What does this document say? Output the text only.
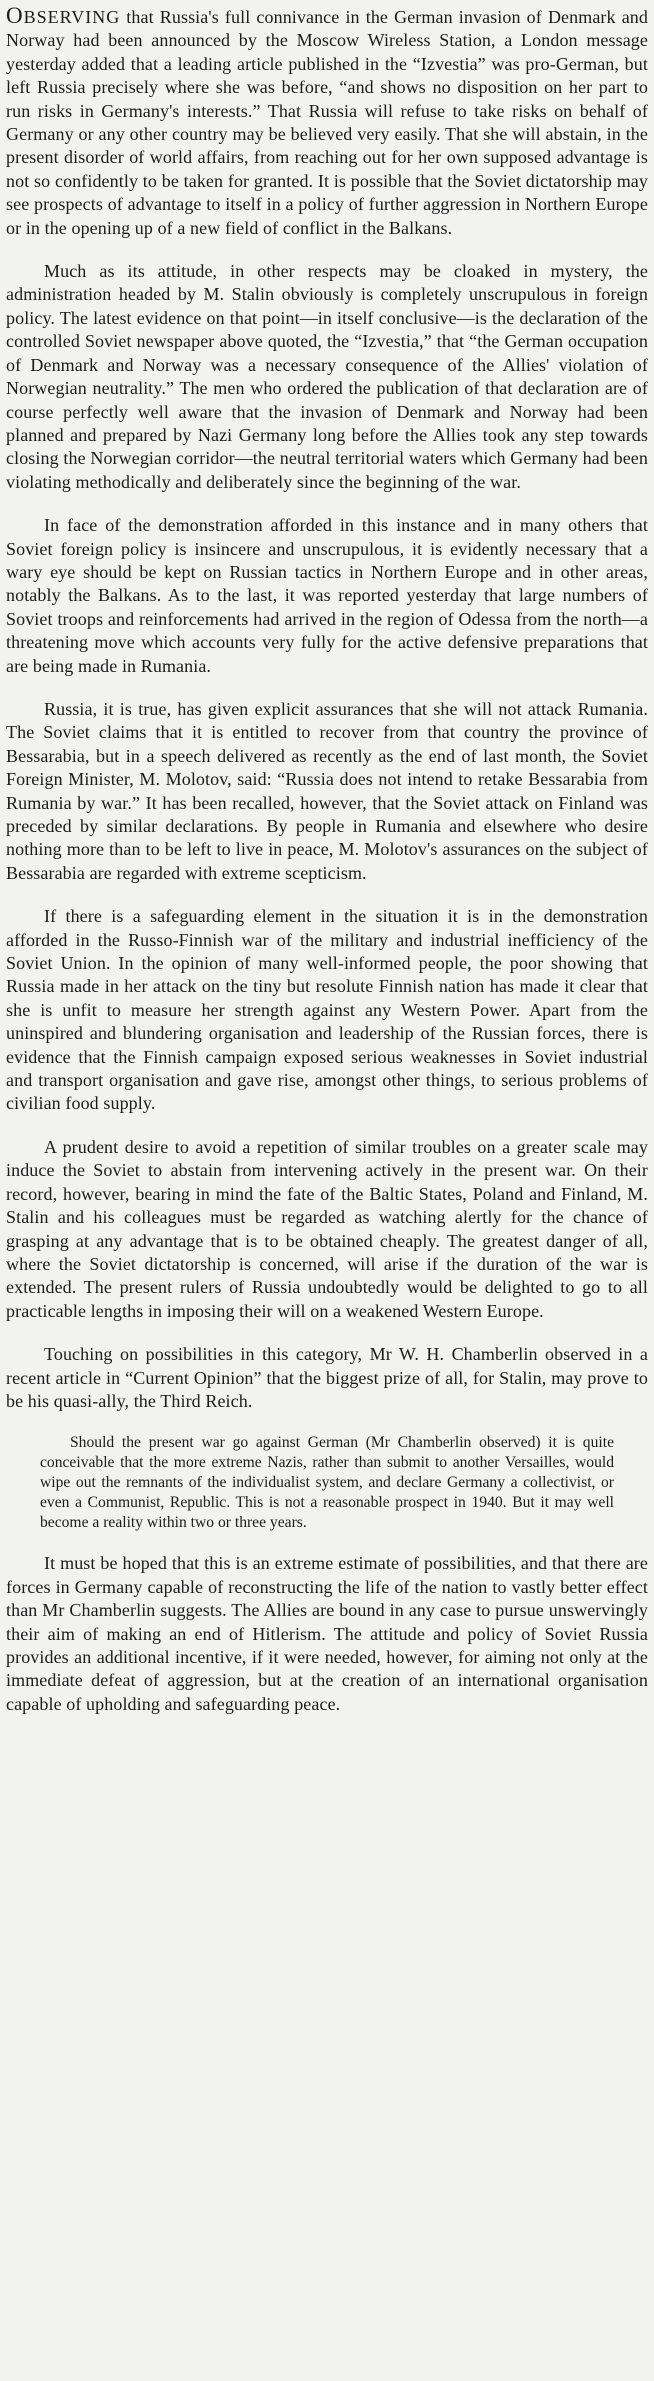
OBSERVING that Russia's full connivance in the German invasion of Denmark and Norway had been announced by the Moscow Wireless Station, a London message yesterday added that a leading article published in the “Izvestia” was pro-German, but left Russia precisely where she was before, “and shows no disposition on her part to run risks in Germany's interests.” That Russia will refuse to take risks on behalf of Germany or any other country may be believed very easily. That she will abstain, in the present disorder of world affairs, from reaching out for her own supposed advantage is not so confidently to be taken for granted. It is possible that the Soviet dictatorship may see prospects of advantage to itself in a policy of further aggression in Northern Europe or in the opening up of a new field of conflict in the Balkans.

Much as its attitude, in other respects may be cloaked in mystery, the administration headed by M. Stalin obviously is completely unscrupulous in foreign policy. The latest evidence on that point—in itself conclusive—is the declaration of the controlled Soviet newspaper above quoted, the “Izvestia,” that “the German occupation of Denmark and Norway was a necessary consequence of the Allies' violation of Norwegian neutrality.” The men who ordered the publication of that declaration are of course perfectly well aware that the invasion of Denmark and Norway had been planned and prepared by Nazi Germany long before the Allies took any step towards closing the Norwegian corridor—the neutral territorial waters which Germany had been violating methodically and deliberately since the beginning of the war.

In face of the demonstration afforded in this instance and in many others that Soviet foreign policy is insincere and unscrupulous, it is evidently necessary that a wary eye should be kept on Russian tactics in Northern Europe and in other areas, notably the Balkans. As to the last, it was reported yesterday that large numbers of Soviet troops and reinforcements had arrived in the region of Odessa from the north—a threatening move which accounts very fully for the active defensive preparations that are being made in Rumania.

Russia, it is true, has given explicit assurances that she will not attack Rumania. The Soviet claims that it is entitled to recover from that country the province of Bessarabia, but in a speech delivered as recently as the end of last month, the Soviet Foreign Minister, M. Molotov, said: “Russia does not intend to retake Bessarabia from Rumania by war.” It has been recalled, however, that the Soviet attack on Finland was preceded by similar declarations. By people in Rumania and elsewhere who desire nothing more than to be left to live in peace, M. Molotov's assurances on the subject of Bessarabia are regarded with extreme scepticism.

If there is a safeguarding element in the situation it is in the demonstration afforded in the Russo-Finnish war of the military and industrial inefficiency of the Soviet Union. In the opinion of many well-informed people, the poor showing that Russia made in her attack on the tiny but resolute Finnish nation has made it clear that she is unfit to measure her strength against any Western Power. Apart from the uninspired and blundering organisation and leadership of the Russian forces, there is evidence that the Finnish campaign exposed serious weaknesses in Soviet industrial and transport organisation and gave rise, amongst other things, to serious problems of civilian food supply.

A prudent desire to avoid a repetition of similar troubles on a greater scale may induce the Soviet to abstain from intervening actively in the present war. On their record, however, bearing in mind the fate of the Baltic States, Poland and Finland, M. Stalin and his colleagues must be regarded as watching alertly for the chance of grasping at any advantage that is to be obtained cheaply. The greatest danger of all, where the Soviet dictatorship is concerned, will arise if the duration of the war is extended. The present rulers of Russia undoubtedly would be delighted to go to all practicable lengths in imposing their will on a weakened Western Europe.

Touching on possibilities in this category, Mr W. H. Chamberlin observed in a recent article in “Current Opinion” that the biggest prize of all, for Stalin, may prove to be his quasi-ally, the Third Reich.

Should the present war go against German (Mr Chamberlin observed) it is quite conceivable that the more extreme Nazis, rather than submit to another Versailles, would wipe out the remnants of the individualist system, and declare Germany a collectivist, or even a Communist, Republic. This is not a reasonable prospect in 1940. But it may well become a reality within two or three years.

It must be hoped that this is an extreme estimate of possibilities, and that there are forces in Germany capable of reconstructing the life of the nation to vastly better effect than Mr Chamberlin suggests. The Allies are bound in any case to pursue unswervingly their aim of making an end of Hitlerism. The attitude and policy of Soviet Russia provides an additional incentive, if it were needed, however, for aiming not only at the immediate defeat of aggression, but at the creation of an international organisation capable of upholding and safeguarding peace.
